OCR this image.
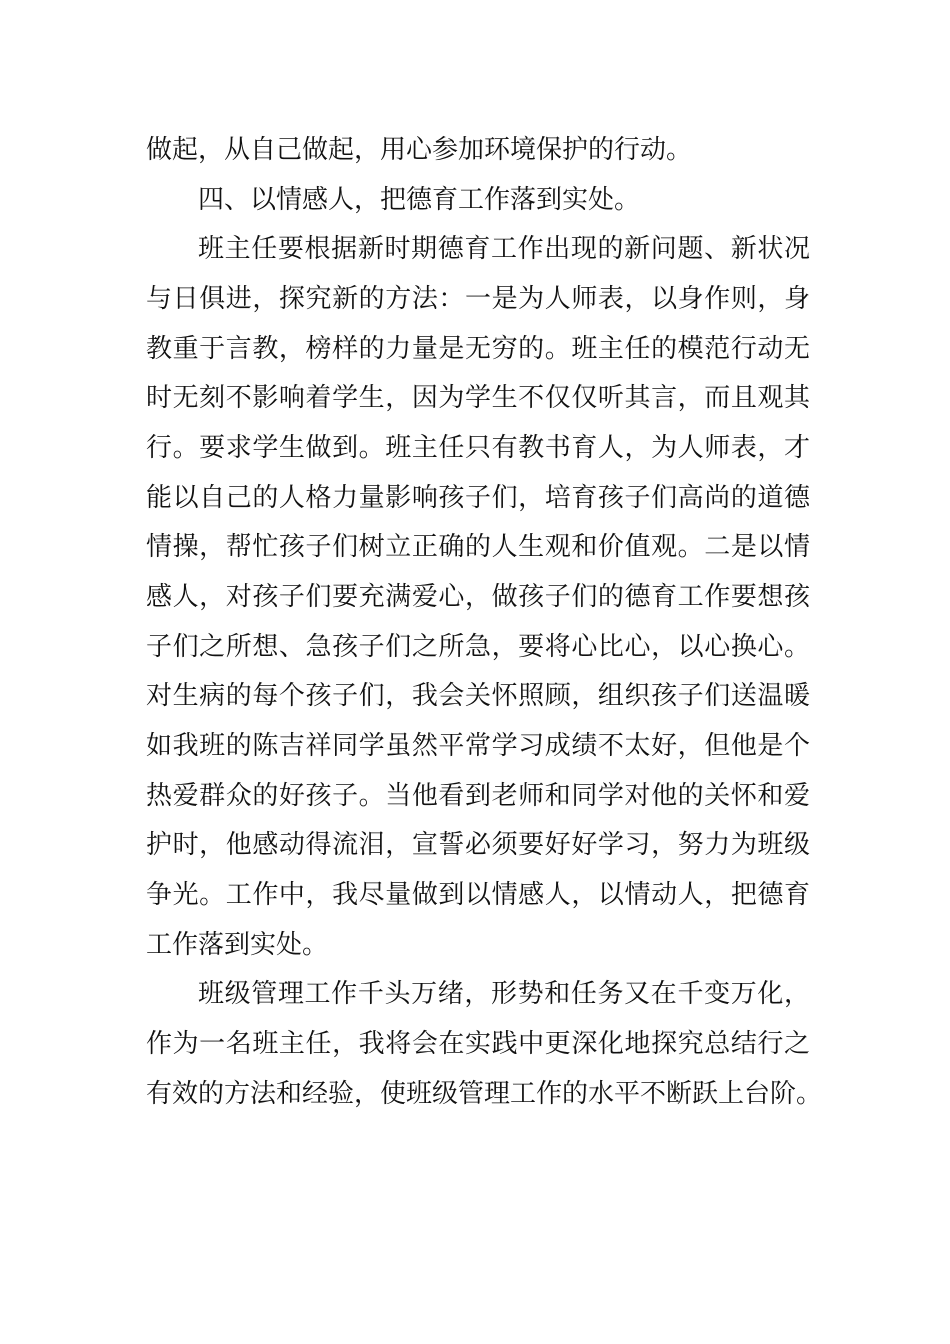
做起，从自己做起，用心参加环境保护的行动。
四、以情感人，把德育工作落到实处。
班主任要根据新时期德育工作出现的新问题、新状况
与日俱进，探究新的方法：一是为人师表，以身作则，身
教重于言教，榜样的力量是无穷的。班主任的模范行动无
时无刻不影响着学生，因为学生不仅仅听其言，而且观其
行。要求学生做到。班主任只有教书育人，为人师表，才
能以自己的人格力量影响孩子们，培育孩子们高尚的道德
情操，帮忙孩子们树立正确的人生观和价值观。二是以情
感人，对孩子们要充满爱心，做孩子们的德育工作要想孩
子们之所想、急孩子们之所急，要将心比心，以心换心。
对生病的每个孩子们，我会关怀照顾，组织孩子们送温暖
如我班的陈吉祥同学虽然平常学习成绩不太好，但他是个
热爱群众的好孩子。当他看到老师和同学对他的关怀和爱
护时，他感动得流泪，宣誓必须要好好学习，努力为班级
争光。工作中，我尽量做到以情感人，以情动人，把德育
工作落到实处。
班级管理工作千头万绪，形势和任务又在千变万化，
作为一名班主任，我将会在实践中更深化地探究总结行之
有效的方法和经验，使班级管理工作的水平不断跃上台阶。
